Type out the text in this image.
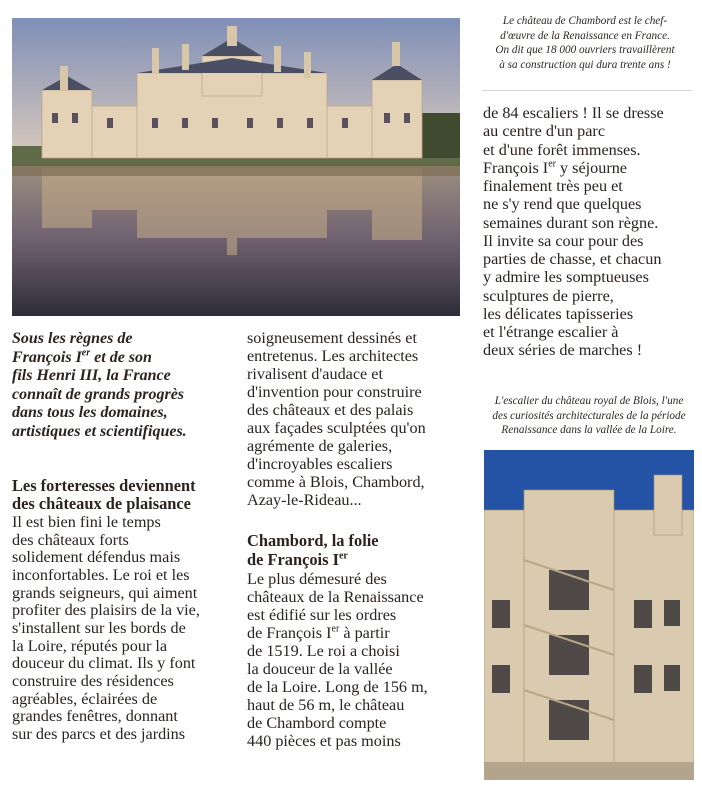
Le château de Chambord est le chef-
d'œuvre de la Renaissance en France.
On dit que 18 000 ouvriers travaillèrent
à sa construction qui dura trente ans !
de 84 escaliers ! Il se dresse
au centre d'un parc
et d'une forêt immenses.
François Ier y séjourne
finalement très peu et
ne s'y rend que quelques
semaines durant son règne.
Il invite sa cour pour des
parties de chasse, et chacun
y admire les somptueuses
sculptures de pierre,
les délicates tapisseries
et l'étrange escalier à
deux séries de marches !
L'escalier du château royal de Blois, l'une
des curiosités architecturales de la période
Renaissance dans la vallée de la Loire.
Sous les règnes de
François Ier et de son
fils Henri III, la France
connaît de grands progrès
dans tous les domaines,
artistiques et scientifiques.
Les forteresses deviennent
des châteaux de plaisance
Il est bien fini le temps
des châteaux forts
solidement défendus mais
inconfortables. Le roi et les
grands seigneurs, qui aiment
profiter des plaisirs de la vie,
s'installent sur les bords de
la Loire, réputés pour la
douceur du climat. Ils y font
construire des résidences
agréables, éclairées de
grandes fenêtres, donnant
sur des parcs et des jardins
soigneusement dessinés et
entretenus. Les architectes
rivalisent d'audace et
d'invention pour construire
des châteaux et des palais
aux façades sculptées qu'on
agrémente de galeries,
d'incroyables escaliers
comme à Blois, Chambord,
Azay-le-Rideau...
Chambord, la folie
de François Ier
Le plus démesuré des
châteaux de la Renaissance
est édifié sur les ordres
de François Ier à partir
de 1519. Le roi a choisi
la douceur de la vallée
de la Loire. Long de 156 m,
haut de 56 m, le château
de Chambord compte
440 pièces et pas moins
